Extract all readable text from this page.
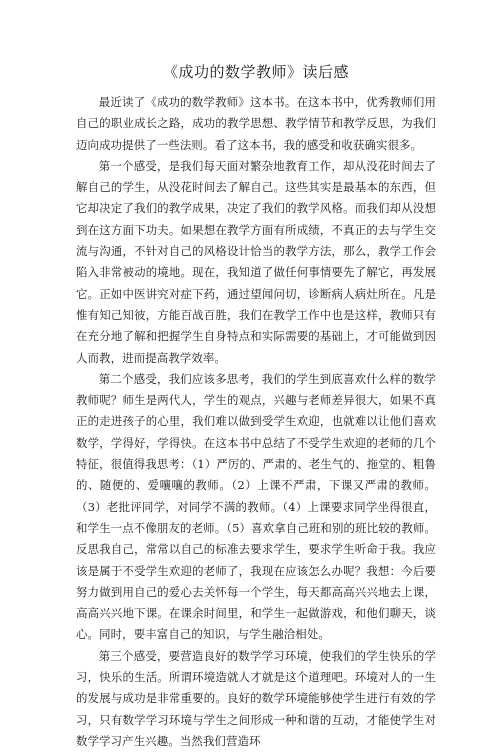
《成功的数学教师》读后感

最近读了《成功的数学教师》这本书。在这本书中，优秀教师们用自己的职业成长之路，成功的教学思想、教学情节和教学反思，为我们迈向成功提供了一些法则。看了这本书，我的感受和收获确实很多。

第一个感受，是我们每天面对繁杂地教育工作，却从没花时间去了解自己的学生，从没花时间去了解自己。这些其实是最基本的东西，但它却决定了我们的教学成果，决定了我们的教学风格。而我们却从没想到在这方面下功夫。如果想在教学方面有所成绩，不真正的去与学生交流与沟通，不针对自己的风格设计恰当的教学方法，那么，教学工作会陷入非常被动的境地。现在，我知道了做任何事情要先了解它，再发展它。正如中医讲究对症下药，通过望闻问切，诊断病人病灶所在。凡是惟有知己知彼，方能百战百胜，我们在教学工作中也是这样，教师只有在充分地了解和把握学生自身特点和实际需要的基础上，才可能做到因人而教，进而提高教学效率。

第二个感受，我们应该多思考，我们的学生到底喜欢什么样的数学教师呢？师生是两代人，学生的观点，兴趣与老师差异很大，如果不真正的走进孩子的心里，我们难以做到受学生欢迎，也就难以让他们喜欢数学，学得好，学得快。在这本书中总结了不受学生欢迎的老师的几个特征，很值得我思考：（1）严厉的、严肃的、老生气的、拖堂的、粗鲁的、随便的、爱嚷嚷的教师。（2）上课不严肃，下课又严肃的教师。（3）老批评同学，对同学不满的教师。（4）上课要求同学坐得很直，和学生一点不像朋友的老师。（5）喜欢拿自己班和别的班比较的教师。反思我自己，常常以自己的标准去要求学生，要求学生听命于我。我应该是属于不受学生欢迎的老师了，我现在应该怎么办呢？我想：今后要努力做到用自己的爱心去关怀每一个学生，每天都高高兴兴地去上课，高高兴兴地下课。在课余时间里，和学生一起做游戏，和他们聊天，谈心。同时，要丰富自己的知识，与学生融洽相处。

第三个感受，要营造良好的数学学习环境，使我们的学生快乐的学习，快乐的生活。所谓环境造就人才就是这个道理吧。环境对人的一生的发展与成功是非常重要的。良好的数学环境能够使学生进行有效的学习，只有数学学习环境与学生之间形成一种和谐的互动，才能使学生对数学学习产生兴趣。当然我们营造环
